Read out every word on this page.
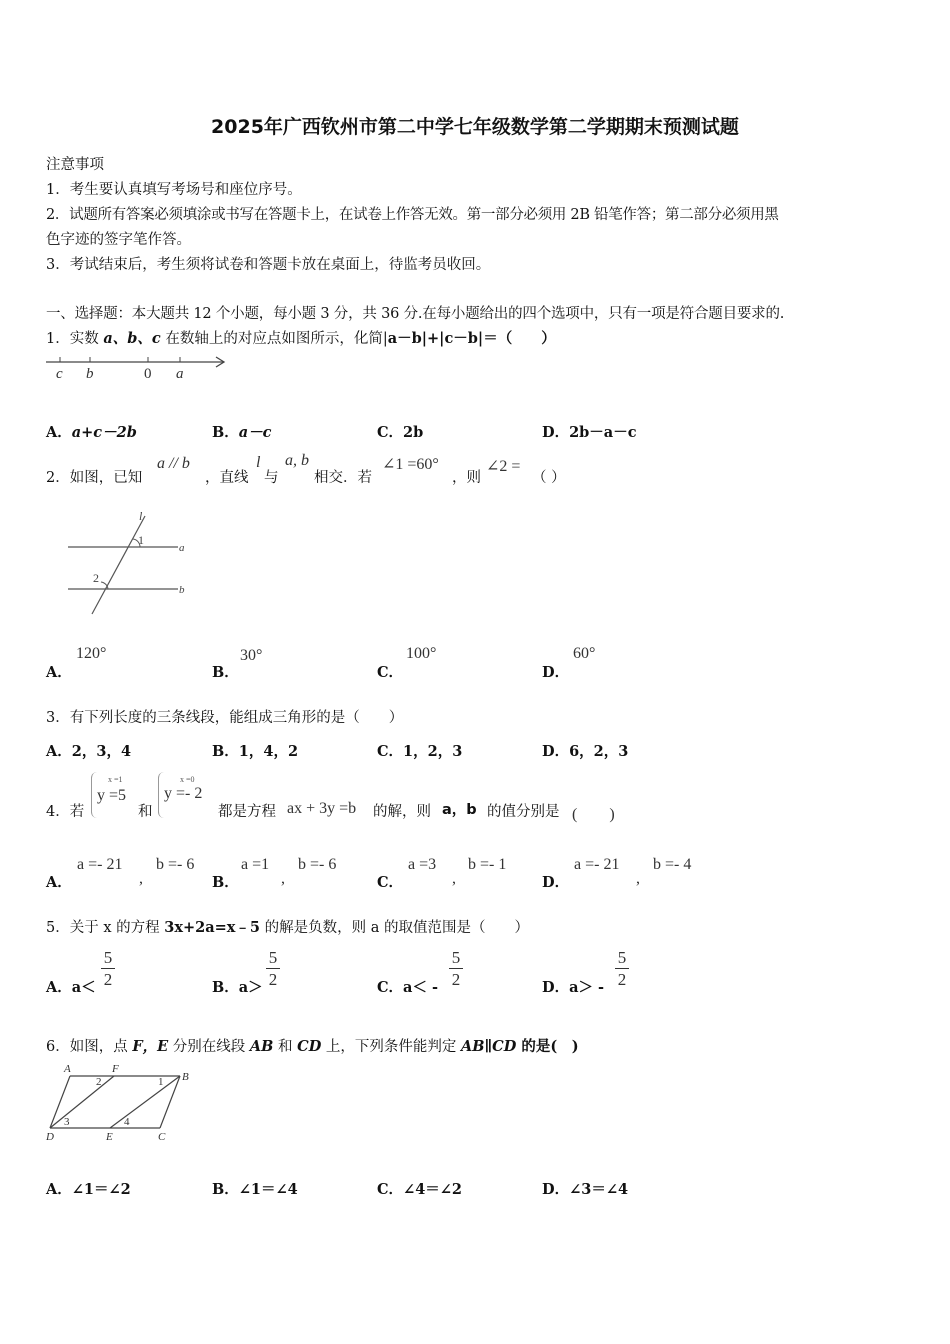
2025年广西钦州市第二中学七年级数学第二学期期末预测试题
注意事项
1．考生要认真填写考场号和座位序号。
2．试题所有答案必须填涂或书写在答题卡上，在试卷上作答无效。第一部分必须用 2B 铅笔作答；第二部分必须用黑
色字迹的签字笔作答。
3．考试结束后，考生须将试卷和答题卡放在桌面上，待监考员收回。
一、选择题：本大题共 12 个小题，每小题 3 分，共 36 分.在每小题给出的四个选项中，只有一项是符合题目要求的.
1．实数 a、b、c 在数轴上的对应点如图所示，化简|a－b|+|c－b|＝（　　）
c b	0 a
A．a+c－2b	B．a－c	C．2b	D．2b－a－c
2．如图，已知
a // b
，直线
l
与
a, b
相交．若
∠1 =60°
，则
∠2 =
（ ）
l
a
b
1
2
A．
120°
B．
30°
C．
100°
D．
60°
3．有下列长度的三条线段，能组成三角形的是（　　）
A．2，3，4	B．1，4，2	C．1，2，3	D．6，2，3
4．若
x =1
y =5
和
x =0
y =- 2
都是方程 ax + 3y =b 的解，则 a，b 的值分别是 (　　)
A．
a =- 21
,
b =- 6
B．
a =1
,
b =- 6
C．
a =3
,
b =- 1
D．
a =- 21
,
b =- 4
5．关于 x 的方程 3x+2a=x﹣5 的解是负数，则 a 的取值范围是（　　）
A．a＜
5
2	B．a＞
5
2	C．a＜ -
5
2	D．a＞ -
5
2
6．如图，点 F，E 分别在线段 AB 和 CD 上，下列条件能判定 AB∥CD 的是(　)
A	F
B
D	E	C
1
2
3	4
A．∠1＝∠2	B．∠1＝∠4	C．∠4＝∠2	D．∠3＝∠4
